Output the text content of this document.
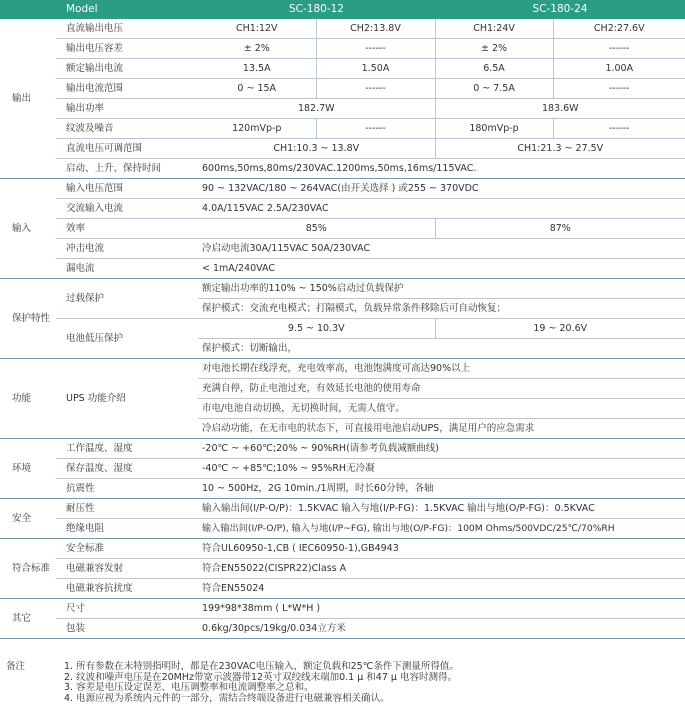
	Model	SC-180-12		SC-180-24	
输出	直流输出电压	CH1:12V	CH2:13.8V	CH1:24V	CH2:27.6V
	输出电压容差	± 2%	------	± 2%	------
	额定输出电流	13.5A	1.50A	6.5A	1.00A
	输出电流范围	0 ~ 15A	------	0 ~ 7.5A	------
	输出功率	182.7W		183.6W	
	纹波及噪音	120mVp-p	------	180mVp-p	------
	直流电压可调范围	CH1:10.3 ~ 13.8V		CH1:21.3 ~ 27.5V	
	启动、上升、保持时间	600ms,50ms,80ms/230VAC.1200ms,50ms,16ms/115VAC.			
输入	输入电压范围	90 ~ 132VAC/180 ~ 264VAC(由开关选择 ) 或255 ~ 370VDC			
	交流输入电流	4.0A/115VAC 2.5A/230VAC			
	效率	85%		87%	
	冲击电流	冷启动电流30A/115VAC 50A/230VAC			
	漏电流	< 1mA/240VAC			
保护特性	过载保护	额定输出功率的110% ~ 150%启动过负载保护			
		保护模式：交流充电模式；打隔模式，负载异常条件移除后可自动恢复；			
	电池低压保护	9.5 ~ 10.3V		19 ~ 20.6V	
		保护模式：切断输出，			
功能	UPS 功能介绍	对电池长期在线浮充，充电效率高，电池饱满度可高达90%以上			
		充满自停，防止电池过充，有效延长电池的使用寿命			
		市电/电池自动切换，无切换时间，无需人值守。			
		冷启动功能，在无市电的状态下，可直接用电池启动UPS，满足用户的应急需求			
环境	工作温度、湿度	-20℃ ~ +60℃;20% ~ 90%RH(请参考负载减额曲线)			
	保存温度、湿度	-40℃ ~ +85℃;10% ~ 95%RH无冷凝			
	抗震性	10 ~ 500Hz，2G 10min./1周期，时长60分钟，各轴			
安全	耐压性	输入输出间(I/P-O/P)：1.5KVAC 输入与地(I/P-FG)：1.5KVAC 输出与地(O/P-FG)：0.5KVAC			
	绝缘电阻	输入输出间(I/P-O/P), 输入与地(I/P~FG), 输出与地(O/P-FG)：100M Ohms/500VDC/25℃/70%RH			
符合标准	安全标准	符合UL60950-1,CB ( IEC60950-1),GB4943			
	电磁兼容发射	符合EN55022(CISPR22)Class A			
	电磁兼容抗扰度	符合EN55024			
其它	尺寸	199*98*38mm ( L*W*H )			
	包装	0.6kg/30pcs/19kg/0.034立方米			
备注	1. 所有参数在未特别指明时，都是在230VAC电压输入，额定负载和25℃条件下测量所得值。
2. 纹波和噪声电压是在20MHz带宽示波器带12英寸双绞线末端加0.1 μ 和47 μ 电容时测得。
3. 容差是电压设定误差、电压调整率和电流调整率之总和。
4. 电源应视为系统内元件的一部分，需结合终端设备进行电磁兼容相关确认。
